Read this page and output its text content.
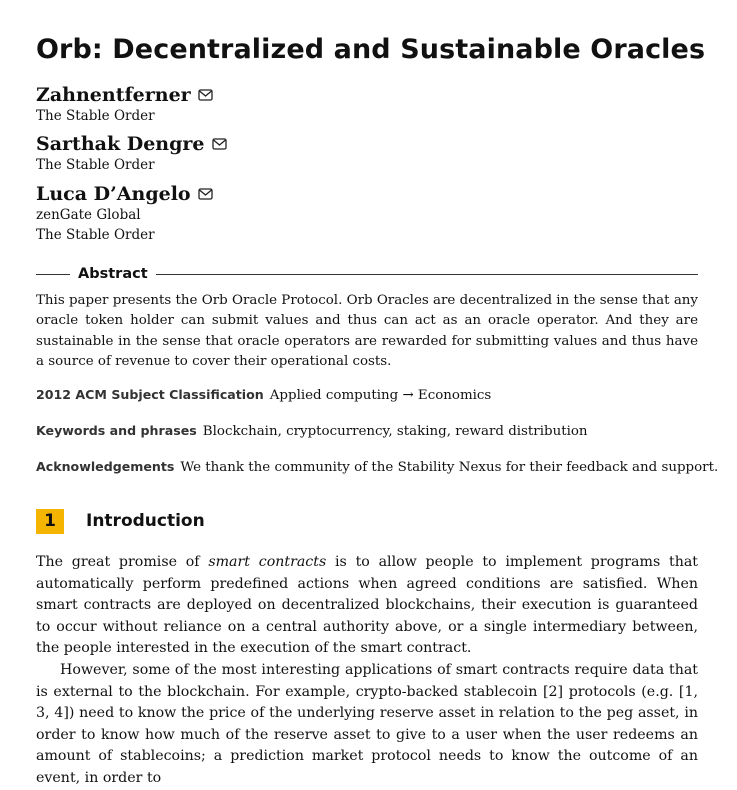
Orb: Decentralized and Sustainable Oracles
Zahnentferner
The Stable Order
Sarthak Dengre
The Stable Order
Luca D’Angelo
zenGate Global
The Stable Order
Abstract

This paper presents the Orb Oracle Protocol. Orb Oracles are decentralized in the sense that any oracle token holder can submit values and thus can act as an oracle operator. And they are sustainable in the sense that oracle operators are rewarded for submitting values and thus have a source of revenue to cover their operational costs.

2012 ACM Subject Classification Applied computing → Economics
Keywords and phrases Blockchain, cryptocurrency, staking, reward distribution
Acknowledgements We thank the community of the Stability Nexus for their feedback and support.
1	Introduction

The great promise of smart contracts is to allow people to implement programs that automatically perform predefined actions when agreed conditions are satisfied. When smart contracts are deployed on decentralized blockchains, their execution is guaranteed to occur without reliance on a central authority above, or a single intermediary between, the people interested in the execution of the smart contract.

However, some of the most interesting applications of smart contracts require data that is external to the blockchain. For example, crypto-backed stablecoin [2] protocols (e.g. [1, 3, 4]) need to know the price of the underlying reserve asset in relation to the peg asset, in order to know how much of the reserve asset to give to a user when the user redeems an amount of stablecoins; a prediction market protocol needs to know the outcome of an event, in order to
